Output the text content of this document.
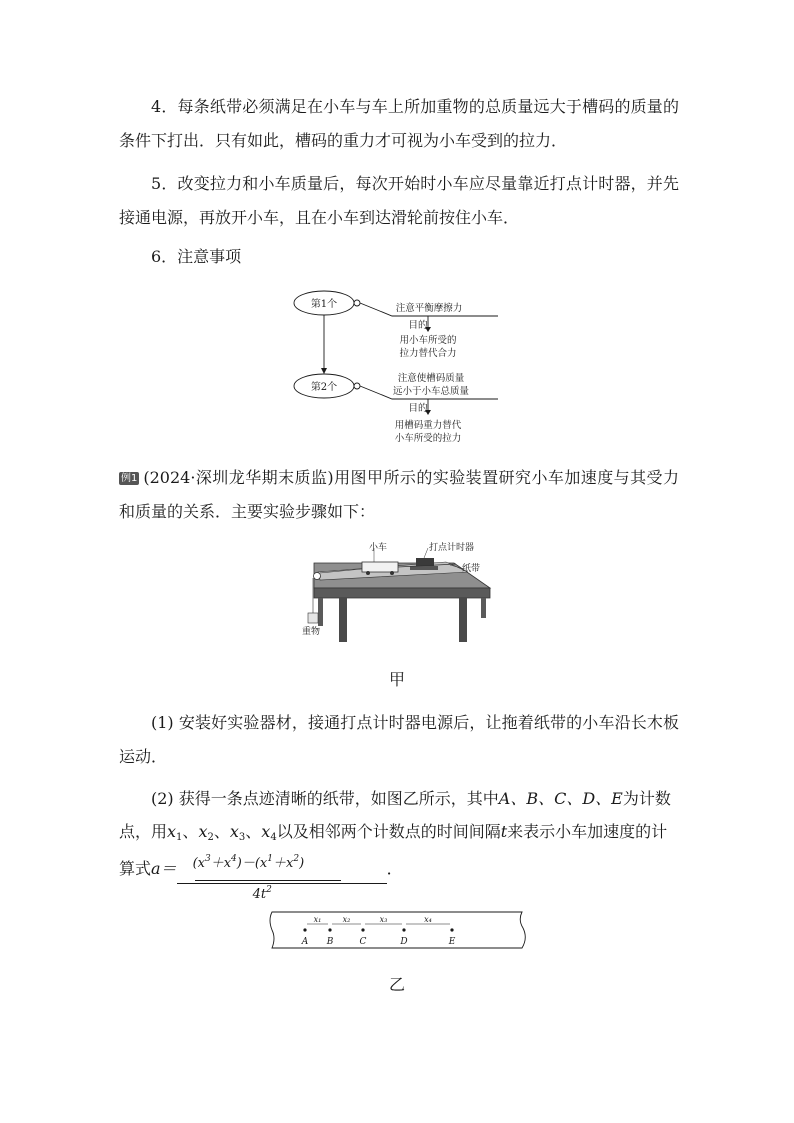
4．每条纸带必须满足在小车与车上所加重物的总质量远大于槽码的质量的条件下打出．只有如此，槽码的重力才可视为小车受到的拉力．

5．改变拉力和小车质量后，每次开始时小车应尽量靠近打点计时器，并先接通电源，再放开小车，且在小车到达滑轮前按住小车．

6．注意事项

第1个	注意平衡摩擦力
目的
用小车所受的
拉力替代合力
第2个
注意使槽码质量
远小于小车总质量
目的
用槽码重力替代
小车所受的拉力

例1 (2024·深圳龙华期末质监)用图甲所示的实验装置研究小车加速度与其受力和质量的关系．主要实验步骤如下：

小车	打点计时器
纸带
重物
甲

(1) 安装好实验器材，接通打点计时器电源后，让拖着纸带的小车沿长木板运动．

(2) 获得一条点迹清晰的纸带，如图乙所示，其中A、B、C、D、E为计数
点，用$x_1$、$x_2$、$x_3$、$x_4$以及相邻两个计数点的时间间隔t来表示小车加速度的计
算式$a= (x^3+x^4)-(x^1+x^2)$
$4t^2$
．
A B	C	D	E
x₁	x₂	x₃	x₄
乙
